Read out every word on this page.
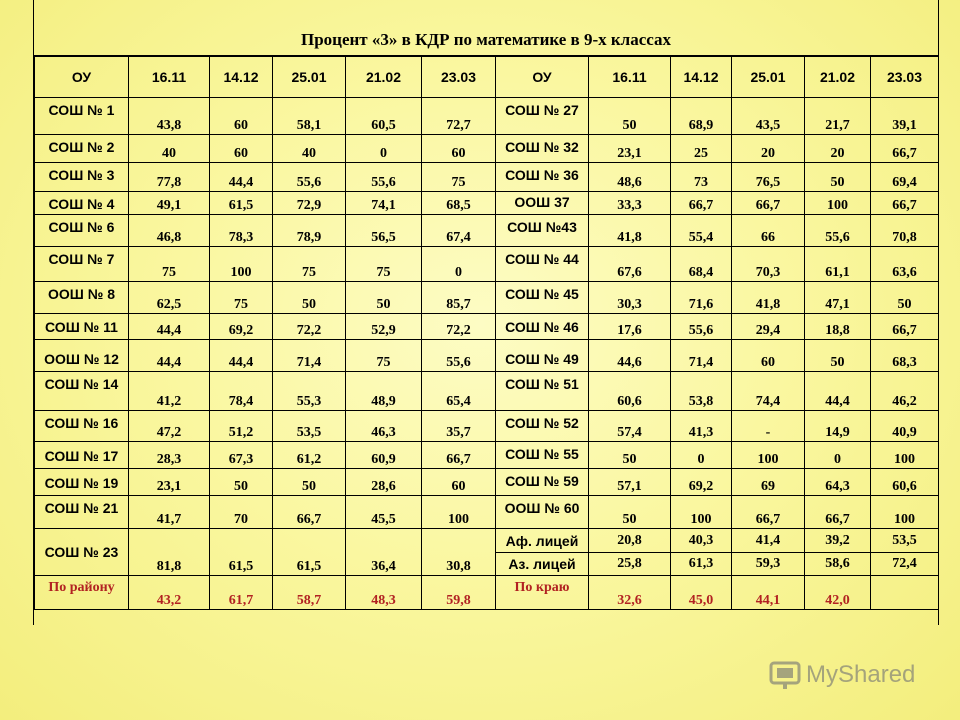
Процент «3» в КДР по математике в 9-х классах
ОУ	16.11	14.12	25.01	21.02	23.03	ОУ	16.11	14.12	25.01	21.02	23.03
СОШ № 1	43,8	60	58,1	60,5	72,7	СОШ № 27	50	68,9	43,5	21,7	39,1
СОШ № 2	40	60	40	0	60	СОШ № 32	23,1	25	20	20	66,7
СОШ № 3	77,8	44,4	55,6	55,6	75	СОШ № 36	48,6	73	76,5	50	69,4
СОШ № 4	49,1	61,5	72,9	74,1	68,5	ООШ 37	33,3	66,7	66,7	100	66,7
СОШ № 6	46,8	78,3	78,9	56,5	67,4	СОШ №43	41,8	55,4	66	55,6	70,8
СОШ № 7	75	100	75	75	0	СОШ № 44	67,6	68,4	70,3	61,1	63,6
ООШ № 8	62,5	75	50	50	85,7	СОШ № 45	30,3	71,6	41,8	47,1	50
СОШ № 11	44,4	69,2	72,2	52,9	72,2	СОШ № 46	17,6	55,6	29,4	18,8	66,7
ООШ № 12	44,4	44,4	71,4	75	55,6	СОШ № 49	44,6	71,4	60	50	68,3
СОШ № 14	41,2	78,4	55,3	48,9	65,4	СОШ № 51	60,6	53,8	74,4	44,4	46,2
СОШ № 16	47,2	51,2	53,5	46,3	35,7	СОШ № 52	57,4	41,3	-	14,9	40,9
СОШ № 17	28,3	67,3	61,2	60,9	66,7	СОШ № 55	50	0	100	0	100
СОШ № 19	23,1	50	50	28,6	60	СОШ № 59	57,1	69,2	69	64,3	60,6
СОШ № 21	41,7	70	66,7	45,5	100	ООШ № 60	50	100	66,7	66,7	100
СОШ № 23	81,8	61,5	61,5	36,4	30,8	Аф. лицей	20,8	40,3	41,4	39,2	53,5
						Аз. лицей	25,8	61,3	59,3	58,6	72,4
По району	43,2	61,7	58,7	48,3	59,8	По краю	32,6	45,0	44,1	42,0	
MyShared
